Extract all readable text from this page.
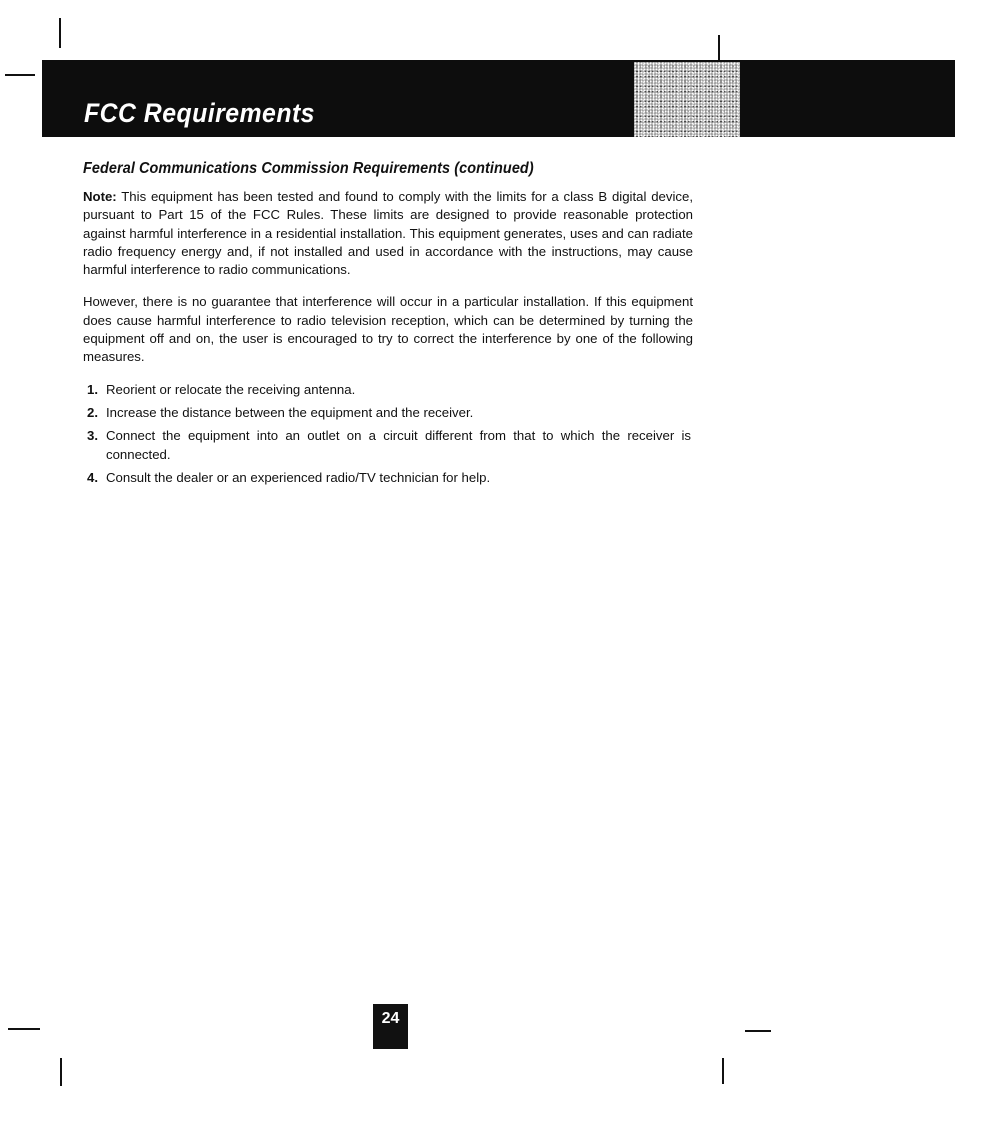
FCC Requirements
Federal Communications Commission Requirements (continued)

Note: This equipment has been tested and found to comply with the limits for a class B digital device, pursuant to Part 15 of the FCC Rules. These limits are designed to provide reasonable protection against harmful interference in a residential installation. This equipment generates, uses and can radiate radio frequency energy and, if not installed and used in accordance with the instructions, may cause harmful interference to radio communications.

However, there is no guarantee that interference will occur in a particular installation. If this equipment does cause harmful interference to radio television reception, which can be determined by turning the equipment off and on, the user is encouraged to try to correct the interference by one of the following measures.

1. Reorient or relocate the receiving antenna.
2. Increase the distance between the equipment and the receiver.
3. Connect the equipment into an outlet on a circuit different from that to which the receiver is connected.
4. Consult the dealer or an experienced radio/TV technician for help.
24
